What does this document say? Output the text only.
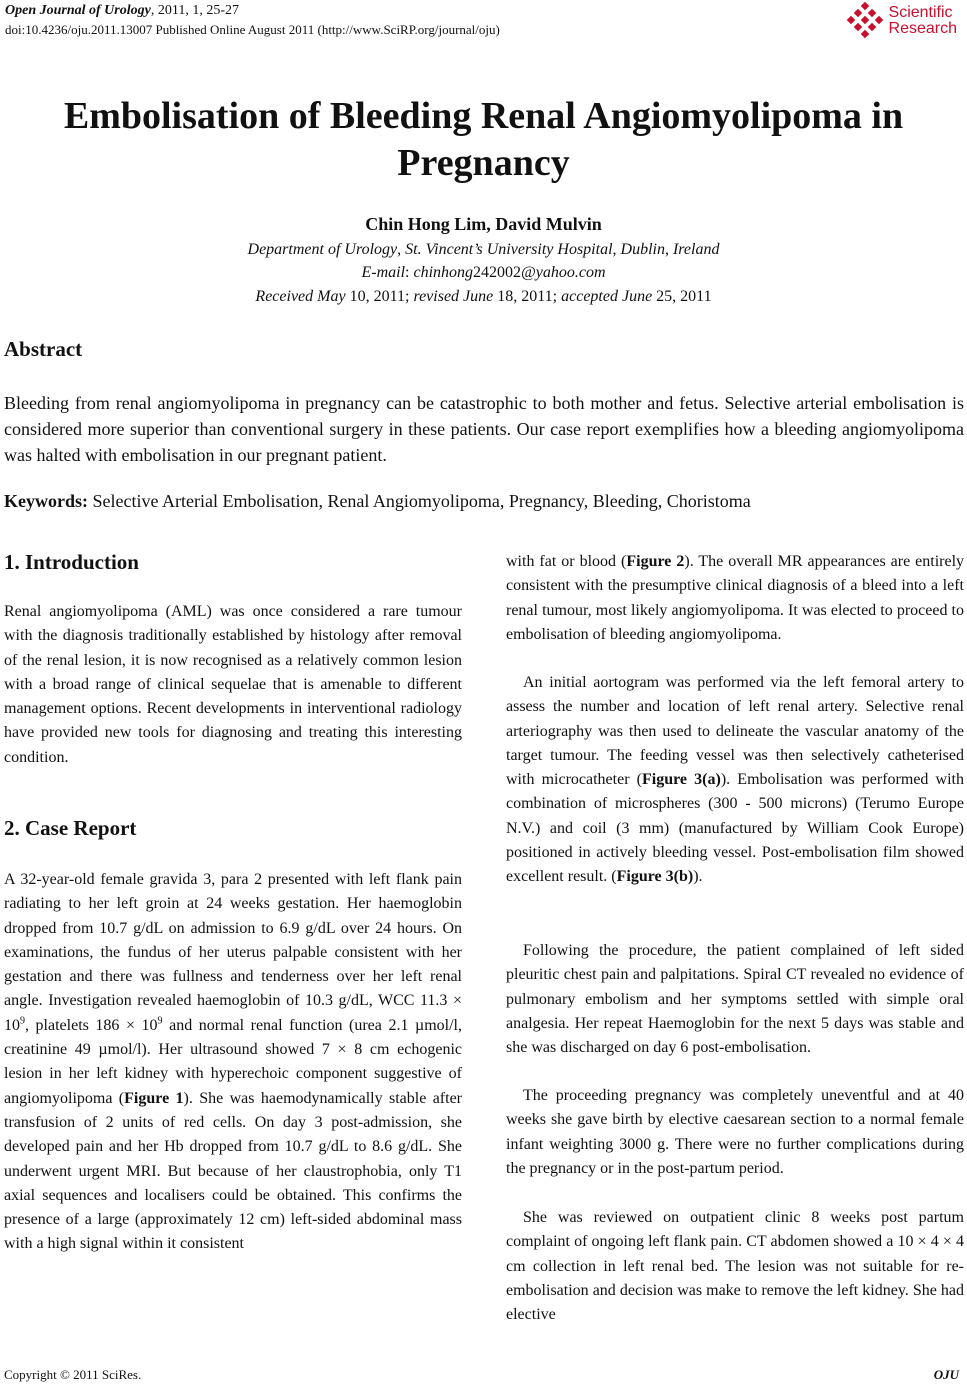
Open Journal of Urology, 2011, 1, 25-27
doi:10.4236/oju.2011.13007 Published Online August 2011 (http://www.SciRP.org/journal/oju)
Scientific
Research
Embolisation of Bleeding Renal Angiomyolipoma in Pregnancy
Chin Hong Lim, David Mulvin
Department of Urology, St. Vincent’s University Hospital, Dublin, Ireland
E-mail: chinhong242002@yahoo.com
Received May 10, 2011; revised June 18, 2011; accepted June 25, 2011
Abstract
Bleeding from renal angiomyolipoma in pregnancy can be catastrophic to both mother and fetus. Selective arterial embolisation is considered more superior than conventional surgery in these patients. Our case report exemplifies how a bleeding angiomyolipoma was halted with embolisation in our pregnant patient.
Keywords: Selective Arterial Embolisation, Renal Angiomyolipoma, Pregnancy, Bleeding, Choristoma
1. Introduction
Renal angiomyolipoma (AML) was once considered a rare tumour with the diagnosis traditionally established by histology after removal of the renal lesion, it is now recognised as a relatively common lesion with a broad range of clinical sequelae that is amenable to different management options. Recent developments in interventional radiology have provided new tools for diagnosing and treating this interesting condition.
2. Case Report
A 32-year-old female gravida 3, para 2 presented with left flank pain radiating to her left groin at 24 weeks gestation. Her haemoglobin dropped from 10.7 g/dL on admission to 6.9 g/dL over 24 hours. On examinations, the fundus of her uterus palpable consistent with her gestation and there was fullness and tenderness over her left renal angle. Investigation revealed haemoglobin of 10.3 g/dL, WCC $11.3 \times 10^9$, platelets $186 \times 10^9$ and normal renal function (urea 2.1 µmol/l, creatinine 49 µmol/l). Her ultrasound showed 7 × 8 cm echogenic lesion in her left kidney with hyperechoic component suggestive of angiomyolipoma (Figure 1). She was haemodynamically stable after transfusion of 2 units of red cells. On day 3 post-admission, she developed pain and her Hb dropped from 10.7 g/dL to 8.6 g/dL. She underwent urgent MRI. But because of her claustrophobia, only T1 axial sequences and localisers could be obtained. This confirms the presence of a large (approximately 12 cm) left-sided abdominal mass with a high signal within it consistent
with fat or blood (Figure 2). The overall MR appearances are entirely consistent with the presumptive clinical diagnosis of a bleed into a left renal tumour, most likely angiomyolipoma. It was elected to proceed to embolisation of bleeding angiomyolipoma.
An initial aortogram was performed via the left femoral artery to assess the number and location of left renal artery. Selective renal arteriography was then used to delineate the vascular anatomy of the target tumour. The feeding vessel was then selectively catheterised with microcatheter (Figure 3(a)). Embolisation was performed with combination of microspheres (300 - 500 microns) (Terumo Europe N.V.) and coil (3 mm) (manufactured by William Cook Europe) positioned in actively bleeding vessel. Post-embolisation film showed excellent result. (Figure 3(b)).
Following the procedure, the patient complained of left sided pleuritic chest pain and palpitations. Spiral CT revealed no evidence of pulmonary embolism and her symptoms settled with simple oral analgesia. Her repeat Haemoglobin for the next 5 days was stable and she was discharged on day 6 post-embolisation.
The proceeding pregnancy was completely uneventful and at 40 weeks she gave birth by elective caesarean section to a normal female infant weighting 3000 g. There were no further complications during the pregnancy or in the post-partum period.
She was reviewed on outpatient clinic 8 weeks post partum complaint of ongoing left flank pain. CT abdomen showed a 10 × 4 × 4 cm collection in left renal bed. The lesion was not suitable for re-embolisation and decision was make to remove the left kidney. She had elective
Copyright © 2011 SciRes.	OJU
